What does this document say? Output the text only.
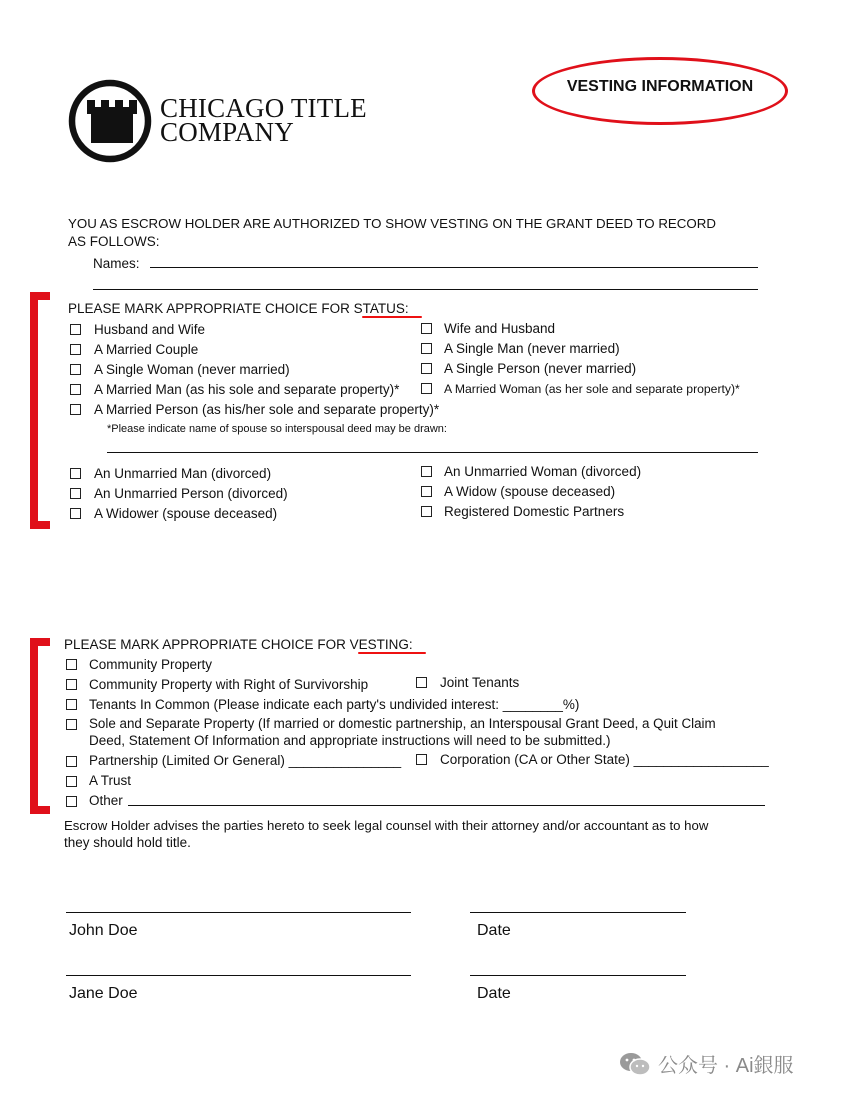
CHICAGO TITLE
COMPANY
VESTING INFORMATION
YOU AS ESCROW HOLDER ARE AUTHORIZED TO SHOW VESTING ON THE GRANT DEED TO RECORD
AS FOLLOWS:
Names:
PLEASE MARK APPROPRIATE CHOICE FOR STATUS:
Husband and Wife
A Married Couple
A Single Woman (never married)
A Married Man (as his sole and separate property)*
A Married Person (as his/her sole and separate property)*
Wife and Husband
A Single Man (never married)
A Single Person (never married)
A Married Woman (as her sole and separate property)*
*Please indicate name of spouse so interspousal deed may be drawn:
An Unmarried Man (divorced)
An Unmarried Person (divorced)
A Widower (spouse deceased)
An Unmarried Woman (divorced)
A Widow (spouse deceased)
Registered Domestic Partners
PLEASE MARK APPROPRIATE CHOICE FOR VESTING:
Community Property
Community Property with Right of Survivorship	Joint Tenants
Tenants In Common (Please indicate each party's undivided interest: ________%)
Sole and Separate Property (If married or domestic partnership, an Interspousal Grant Deed, a Quit Claim
Deed, Statement Of Information and appropriate instructions will need to be submitted.)
Partnership (Limited Or General) _______________	Corporation (CA or Other State) __________________
A Trust
Other
Escrow Holder advises the parties hereto to seek legal counsel with their attorney and/or accountant as to how
they should hold title.
John Doe	Date
Jane Doe	Date
公众号 · Ai銀服
